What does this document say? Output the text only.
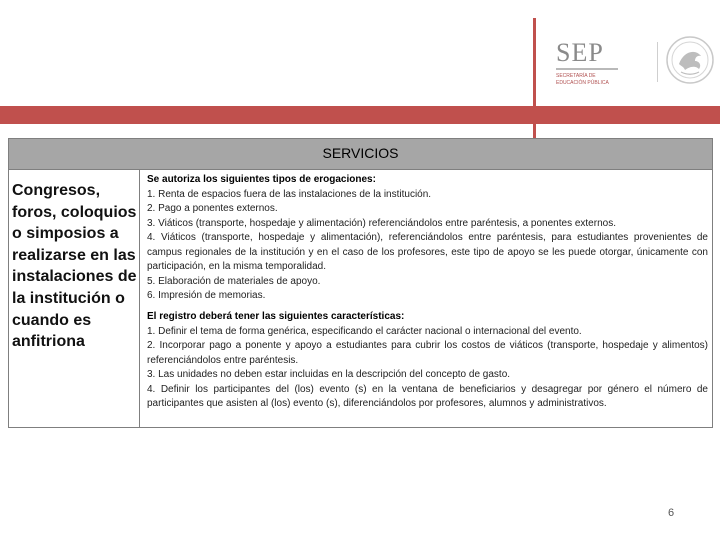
SEP
SECRETARÍA DE
EDUCACIÓN PÚBLICA
SERVICIOS
Congresos, foros, coloquios o simposios a realizarse en las instalaciones de la institución o cuando es anfitriona
Se autoriza los siguientes tipos de erogaciones:
1. Renta de espacios fuera de las instalaciones de la institución.
2. Pago a ponentes externos.
3. Viáticos (transporte, hospedaje y alimentación) referenciándolos entre paréntesis, a ponentes externos.
4. Viáticos (transporte, hospedaje y alimentación), referenciándolos entre paréntesis, para estudiantes provenientes de campus regionales de la institución y en el caso de los profesores, este tipo de apoyo se les puede otorgar, únicamente con participación, en la misma temporalidad.
5. Elaboración de materiales de apoyo.
6. Impresión de memorias.
El registro deberá tener las siguientes características:
1. Definir el tema de forma genérica, especificando el carácter nacional o internacional del evento.
2. Incorporar pago a ponente y apoyo a estudiantes para cubrir los costos de viáticos (transporte, hospedaje y alimentos) referenciándolos entre paréntesis.
3. Las unidades no deben estar incluidas en la descripción del concepto de gasto.
4. Definir los participantes del (los) evento (s) en la ventana de beneficiarios y desagregar por género el número de participantes que asisten al (los) evento (s), diferenciándolos por profesores, alumnos y administrativos.
6
